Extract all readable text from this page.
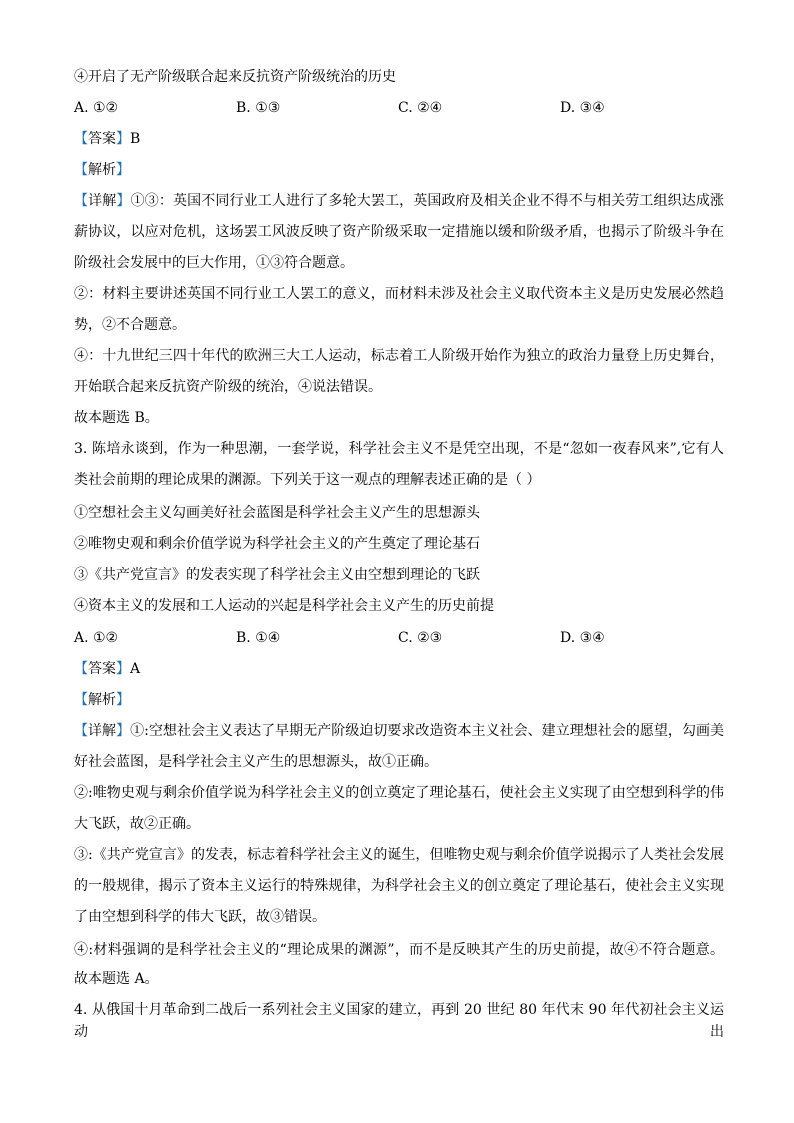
④开启了无产阶级联合起来反抗资产阶级统治的历史
A. ①②	B. ①③	C. ②④	D. ③④
【答案】B
【解析】
【详解】①③：英国不同行业工人进行了多轮大罢工，英国政府及相关企业不得不与相关劳工组织达成涨
薪协议，以应对危机，这场罢工风波反映了资产阶级采取一定措施以缓和阶级矛盾，也揭示了阶级斗争在
阶级社会发展中的巨大作用，①③符合题意。
②：材料主要讲述英国不同行业工人罢工的意义，而材料未涉及社会主义取代资本主义是历史发展必然趋
势，②不合题意。
④：十九世纪三四十年代的欧洲三大工人运动，标志着工人阶级开始作为独立的政治力量登上历史舞台，
开始联合起来反抗资产阶级的统治，④说法错误。
故本题选 B。
3. 陈培永谈到，作为一种思潮，一套学说，科学社会主义不是凭空出现，不是“忽如一夜春风来”,它有人
类社会前期的理论成果的渊源。下列关于这一观点的理解表述正确的是（ ）
①空想社会主义勾画美好社会蓝图是科学社会主义产生的思想源头
②唯物史观和剩余价值学说为科学社会主义的产生奠定了理论基石
③《共产党宣言》的发表实现了科学社会主义由空想到理论的飞跃
④资本主义的发展和工人运动的兴起是科学社会主义产生的历史前提
A. ①②	B. ①④	C. ②③	D. ③④
【答案】A
【解析】
【详解】①:空想社会主义表达了早期无产阶级迫切要求改造资本主义社会、建立理想社会的愿望，勾画美
好社会蓝图，是科学社会主义产生的思想源头，故①正确。
②:唯物史观与剩余价值学说为科学社会主义的创立奠定了理论基石，使社会主义实现了由空想到科学的伟
大飞跃，故②正确。
③:《共产党宣言》的发表，标志着科学社会主义的诞生，但唯物史观与剩余价值学说揭示了人类社会发展
的一般规律，揭示了资本主义运行的特殊规律，为科学社会主义的创立奠定了理论基石，使社会主义实现
了由空想到科学的伟大飞跃，故③错误。
④:材料强调的是科学社会主义的“理论成果的渊源”，而不是反映其产生的历史前提，故④不符合题意。
故本题选 A。
4. 从俄国十月革命到二战后一系列社会主义国家的建立，再到 20 世纪 80 年代末 90 年代初社会主义运动出
